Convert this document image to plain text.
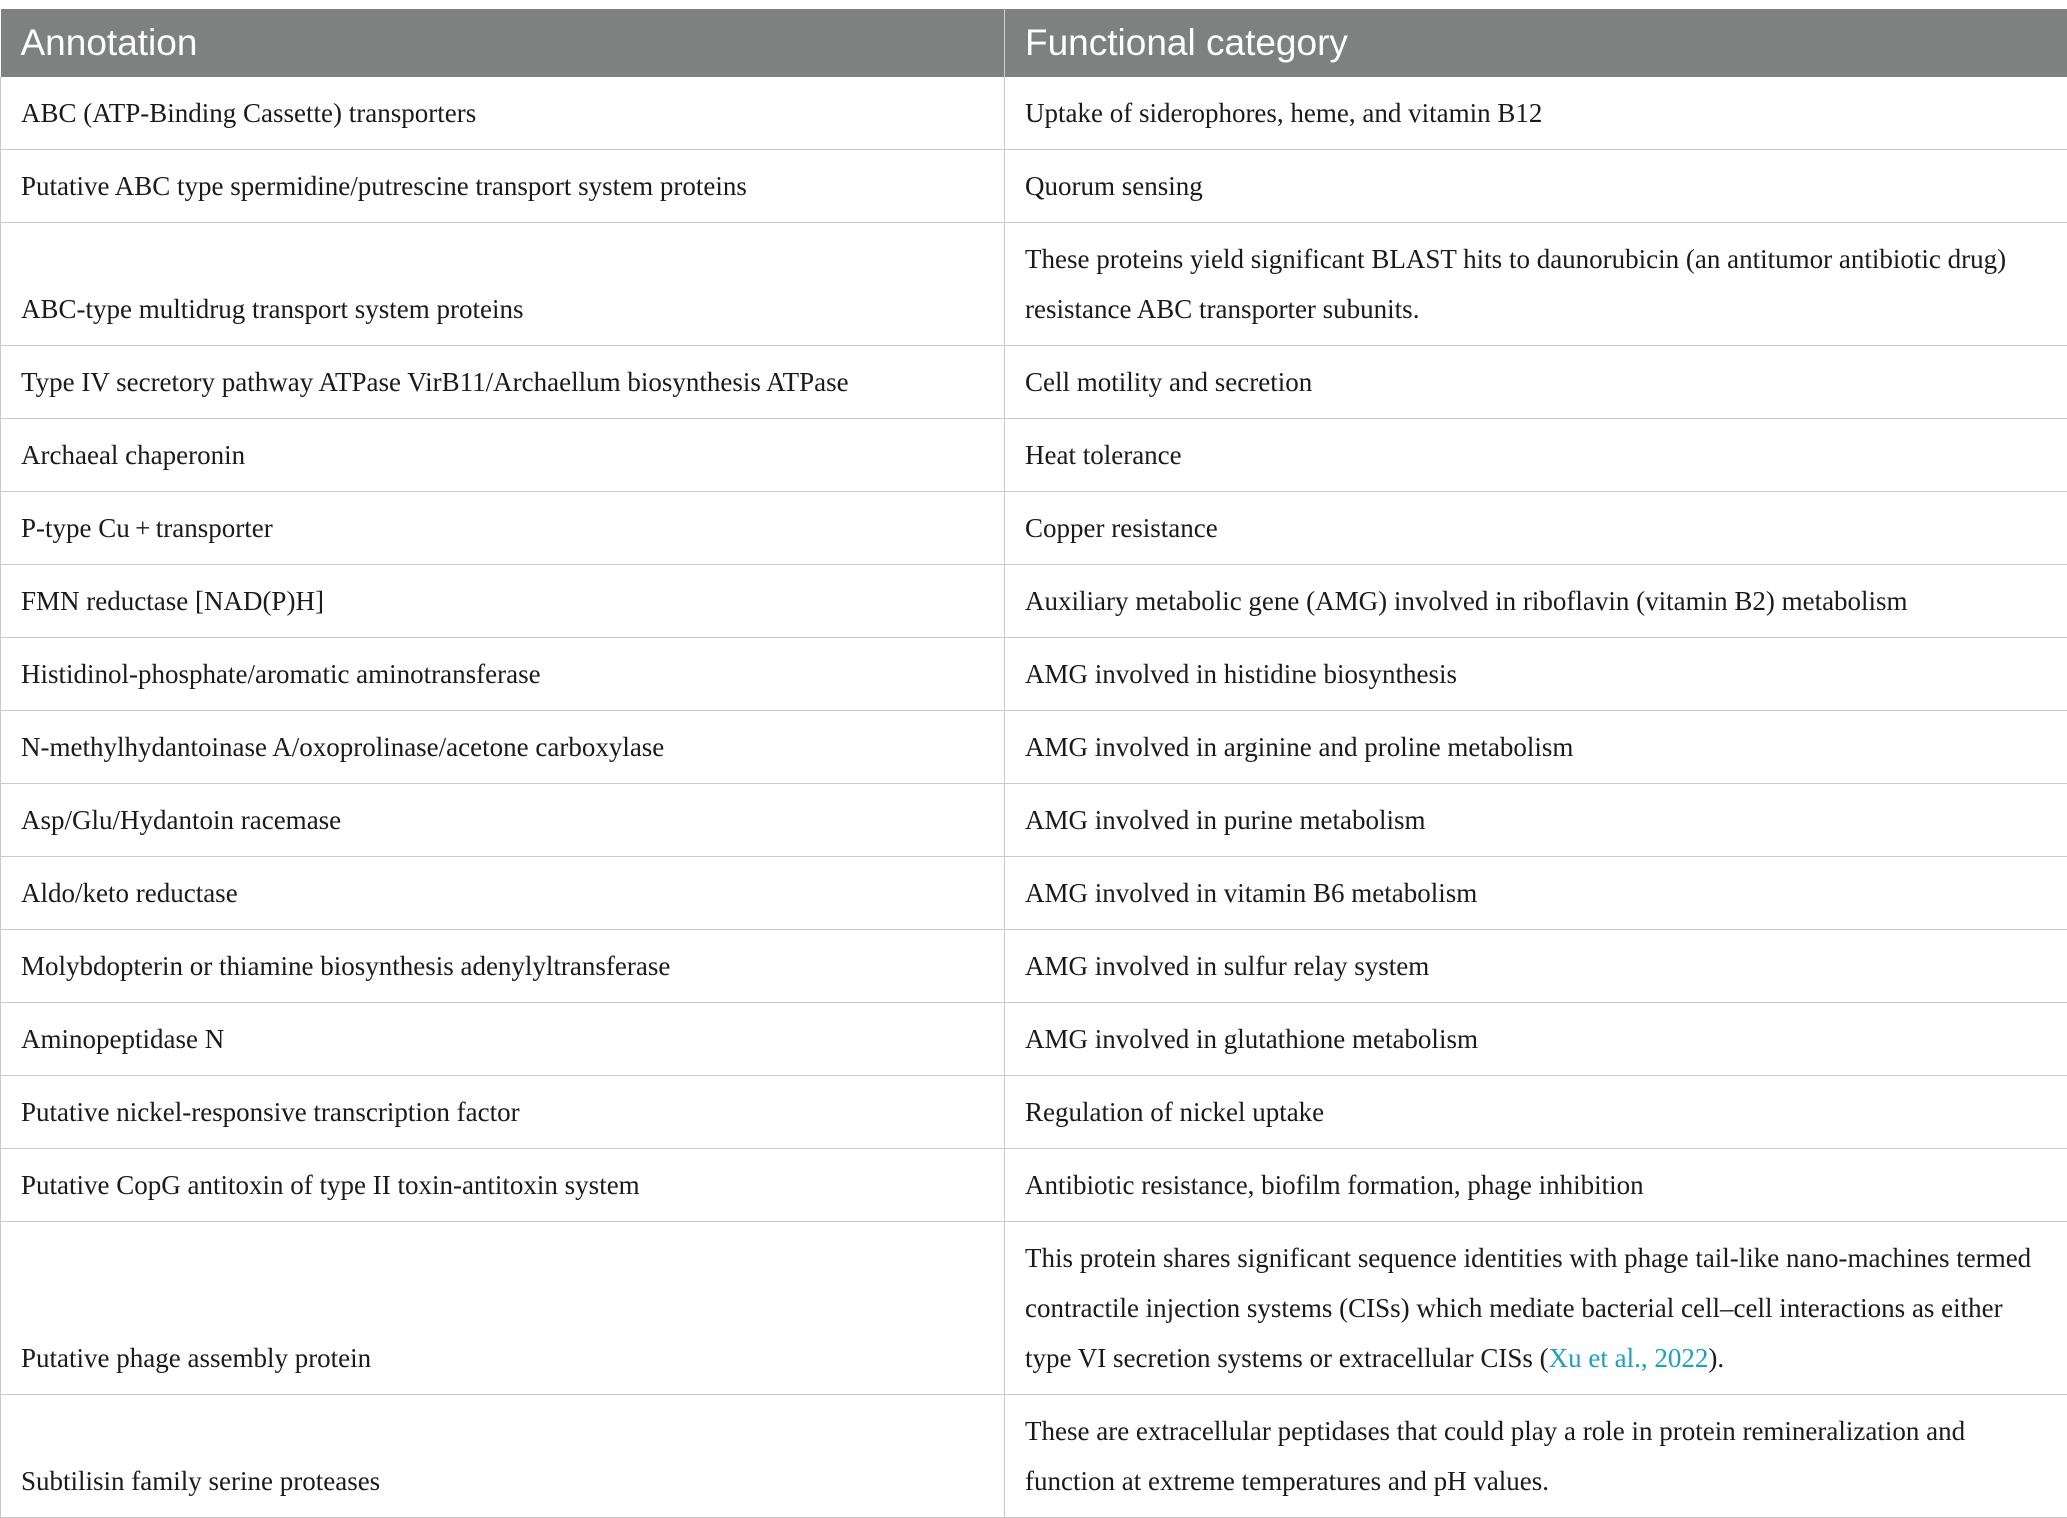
Annotation	Functional category
ABC (ATP-Binding Cassette) transporters	Uptake of siderophores, heme, and vitamin B12
Putative ABC type spermidine/putrescine transport system proteins	Quorum sensing
ABC-type multidrug transport system proteins	These proteins yield significant BLAST hits to daunorubicin (an antitumor antibiotic drug) resistance ABC transporter subunits.
Type IV secretory pathway ATPase VirB11/Archaellum biosynthesis ATPase	Cell motility and secretion
Archaeal chaperonin	Heat tolerance
P-type Cu + transporter	Copper resistance
FMN reductase [NAD(P)H]	Auxiliary metabolic gene (AMG) involved in riboflavin (vitamin B2) metabolism
Histidinol-phosphate/aromatic aminotransferase	AMG involved in histidine biosynthesis
N-methylhydantoinase A/oxoprolinase/acetone carboxylase	AMG involved in arginine and proline metabolism
Asp/Glu/Hydantoin racemase	AMG involved in purine metabolism
Aldo/keto reductase	AMG involved in vitamin B6 metabolism
Molybdopterin or thiamine biosynthesis adenylyltransferase	AMG involved in sulfur relay system
Aminopeptidase N	AMG involved in glutathione metabolism
Putative nickel-responsive transcription factor	Regulation of nickel uptake
Putative CopG antitoxin of type II toxin-antitoxin system	Antibiotic resistance, biofilm formation, phage inhibition
Putative phage assembly protein	This protein shares significant sequence identities with phage tail-like nano-machines termed contractile injection systems (CISs) which mediate bacterial cell–cell interactions as either type VI secretion systems or extracellular CISs (Xu et al., 2022).
Subtilisin family serine proteases	These are extracellular peptidases that could play a role in protein remineralization and function at extreme temperatures and pH values.
